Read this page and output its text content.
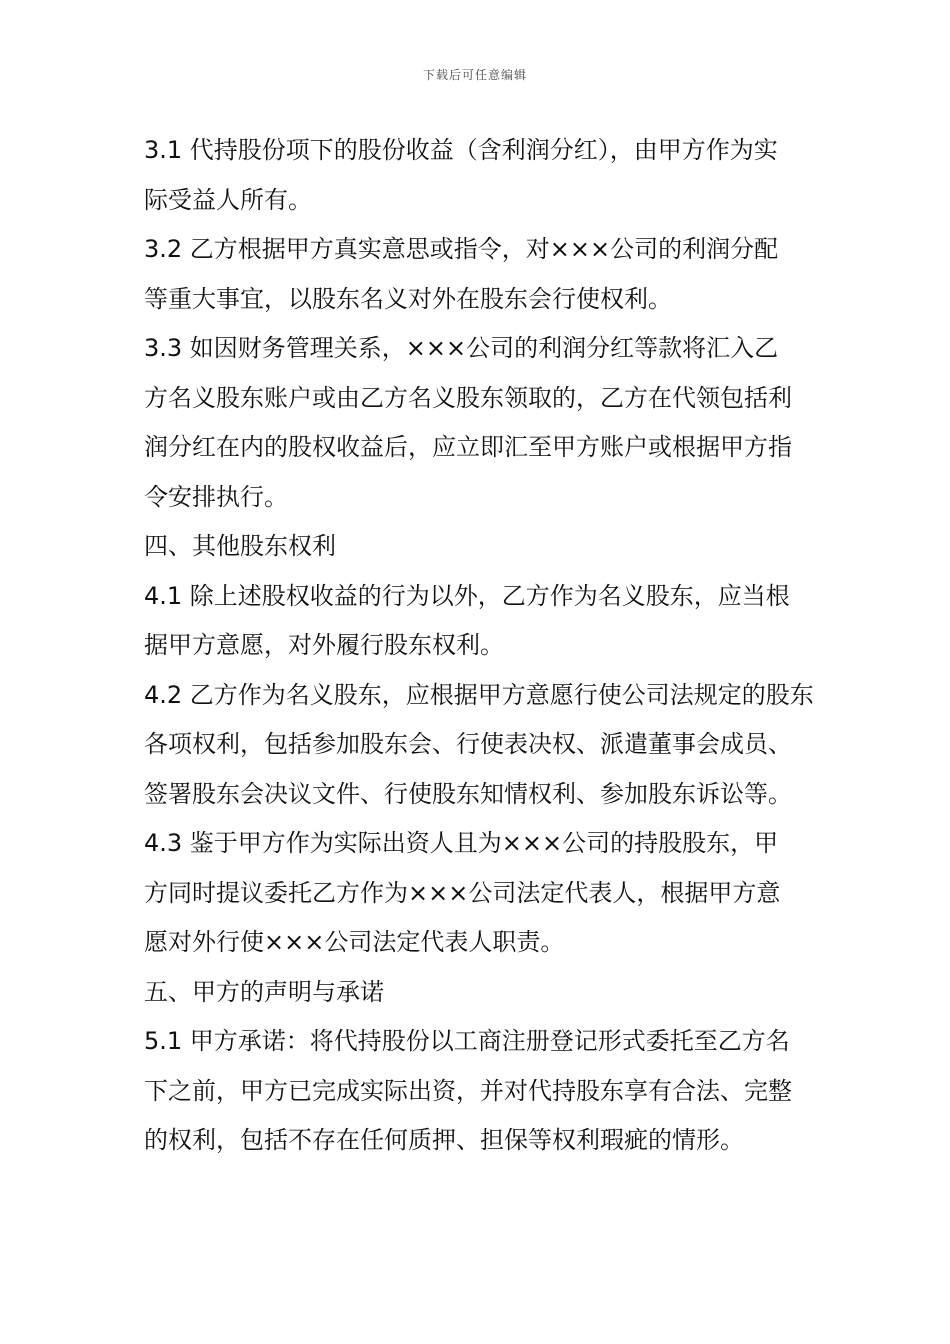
下载后可任意编辑
3.1 代持股份项下的股份收益（含利润分红），由甲方作为实
际受益人所有。
3.2 乙方根据甲方真实意思或指令，对×××公司的利润分配
等重大事宜，以股东名义对外在股东会行使权利。
3.3 如因财务管理关系，×××公司的利润分红等款将汇入乙
方名义股东账户或由乙方名义股东领取的，乙方在代领包括利
润分红在内的股权收益后，应立即汇至甲方账户或根据甲方指
令安排执行。
四、其他股东权利
4.1 除上述股权收益的行为以外，乙方作为名义股东，应当根
据甲方意愿，对外履行股东权利。
4.2 乙方作为名义股东，应根据甲方意愿行使公司法规定的股东
各项权利，包括参加股东会、行使表决权、派遣董事会成员、
签署股东会决议文件、行使股东知情权利、参加股东诉讼等。
4.3 鉴于甲方作为实际出资人且为×××公司的持股股东，甲
方同时提议委托乙方作为×××公司法定代表人，根据甲方意
愿对外行使×××公司法定代表人职责。
五、甲方的声明与承诺
5.1 甲方承诺：将代持股份以工商注册登记形式委托至乙方名
下之前，甲方已完成实际出资，并对代持股东享有合法、完整
的权利，包括不存在任何质押、担保等权利瑕疵的情形。
